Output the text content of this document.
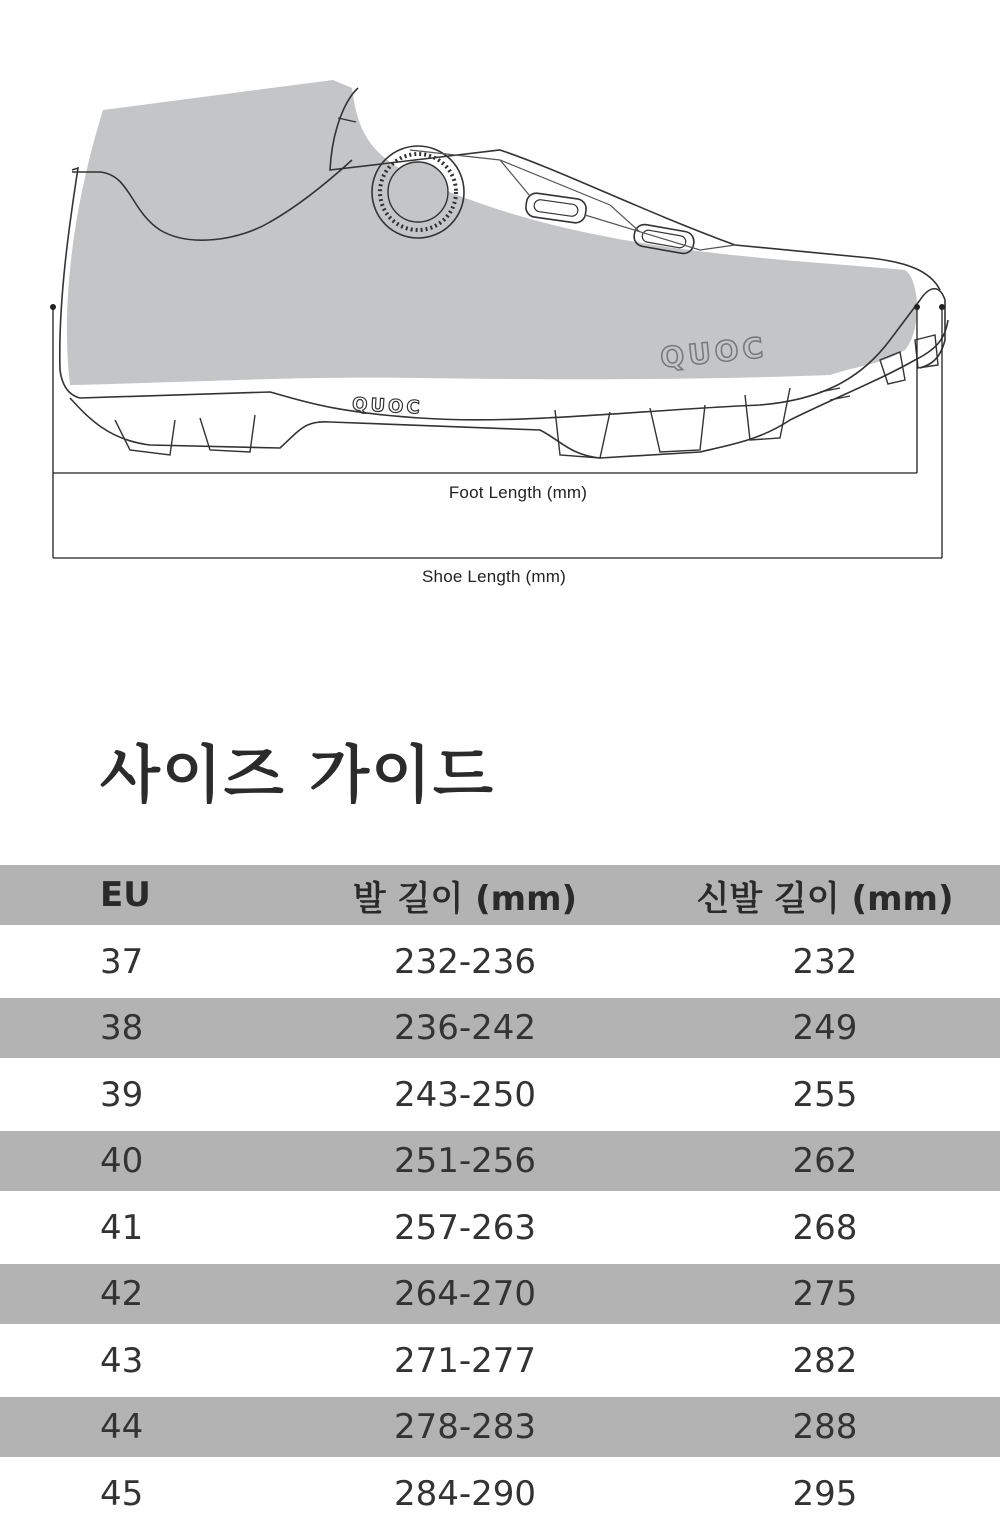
QUOC
QUOC
Foot Length (mm)
Shoe Length (mm)
사이즈 가이드
EU	발 길이 (mm)	신발 길이 (mm)
37	232-236	232
38	236-242	249
39	243-250	255
40	251-256	262
41	257-263	268
42	264-270	275
43	271-277	282
44	278-283	288
45	284-290	295
